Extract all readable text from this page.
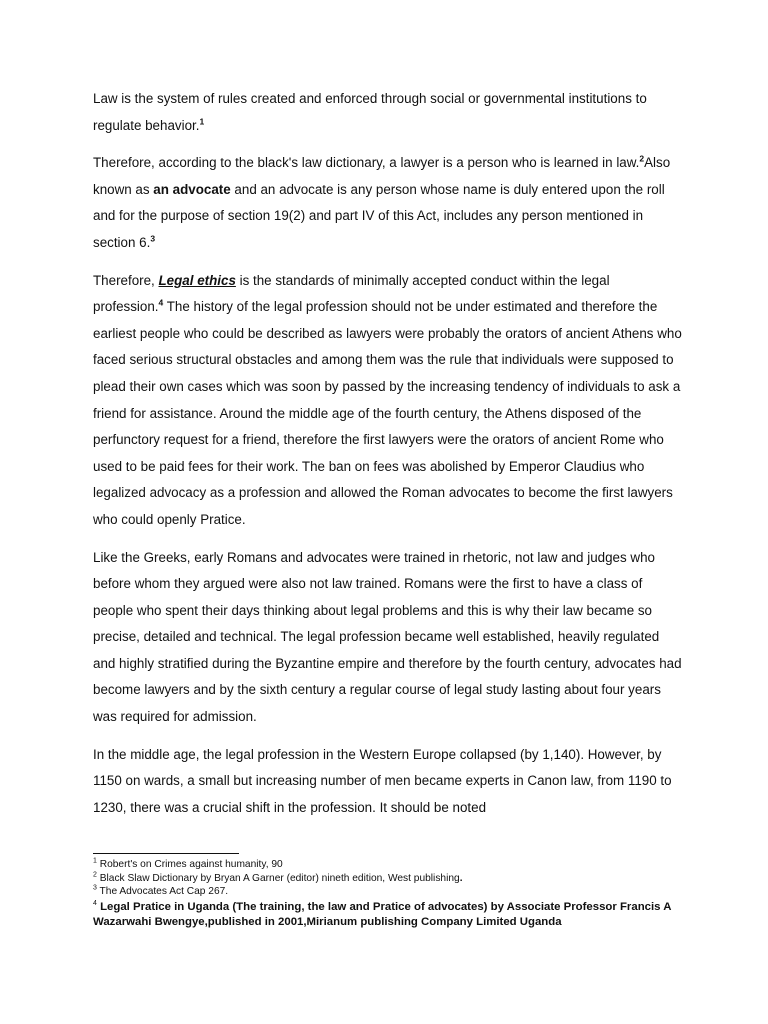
Law is the system of rules created and enforced through social or governmental institutions to regulate behavior.$^1$

Therefore, according to the black's law dictionary, a lawyer is a person who is learned in law.$^2$Also known as an advocate and an advocate is any person whose name is duly entered upon the roll and for the purpose of section 19(2) and part IV of this Act, includes any person mentioned in section 6.$^3$

Therefore, Legal ethics is the standards of minimally accepted conduct within the legal profession.$^4$ The history of the legal profession should not be under estimated and therefore the earliest people who could be described as lawyers were probably the orators of ancient Athens who faced serious structural obstacles and among them was the rule that individuals were supposed to plead their own cases which was soon by passed by the increasing tendency of individuals to ask a friend for assistance. Around the middle age of the fourth century, the Athens disposed of the perfunctory request for a friend, therefore the first lawyers were the orators of ancient Rome who used to be paid fees for their work. The ban on fees was abolished by Emperor Claudius who legalized advocacy as a profession and allowed the Roman advocates to become the first lawyers who could openly Pratice.

Like the Greeks, early Romans and advocates were trained in rhetoric, not law and judges who before whom they argued were also not law trained. Romans were the first to have a class of people who spent their days thinking about legal problems and this is why their law became so precise, detailed and technical. The legal profession became well established, heavily regulated and highly stratified during the Byzantine empire and therefore by the fourth century, advocates had become lawyers and by the sixth century a regular course of legal study lasting about four years was required for admission.

In the middle age, the legal profession in the Western Europe collapsed (by 1,140). However, by 1150 on wards, a small but increasing number of men became experts in Canon law, from 1190 to 1230, there was a crucial shift in the profession. It should be noted

$^1$ Robert's on Crimes against humanity, 90

$^2$ Black Slaw Dictionary by Bryan A Garner (editor) nineth edition, West publishing.

$^3$ The Advocates Act Cap 267.

$^4$ Legal Pratice in Uganda (The training, the law and Pratice of advocates) by Associate Professor Francis A Wazarwahi Bwengye,published in 2001,Mirianum publishing Company Limited Uganda
